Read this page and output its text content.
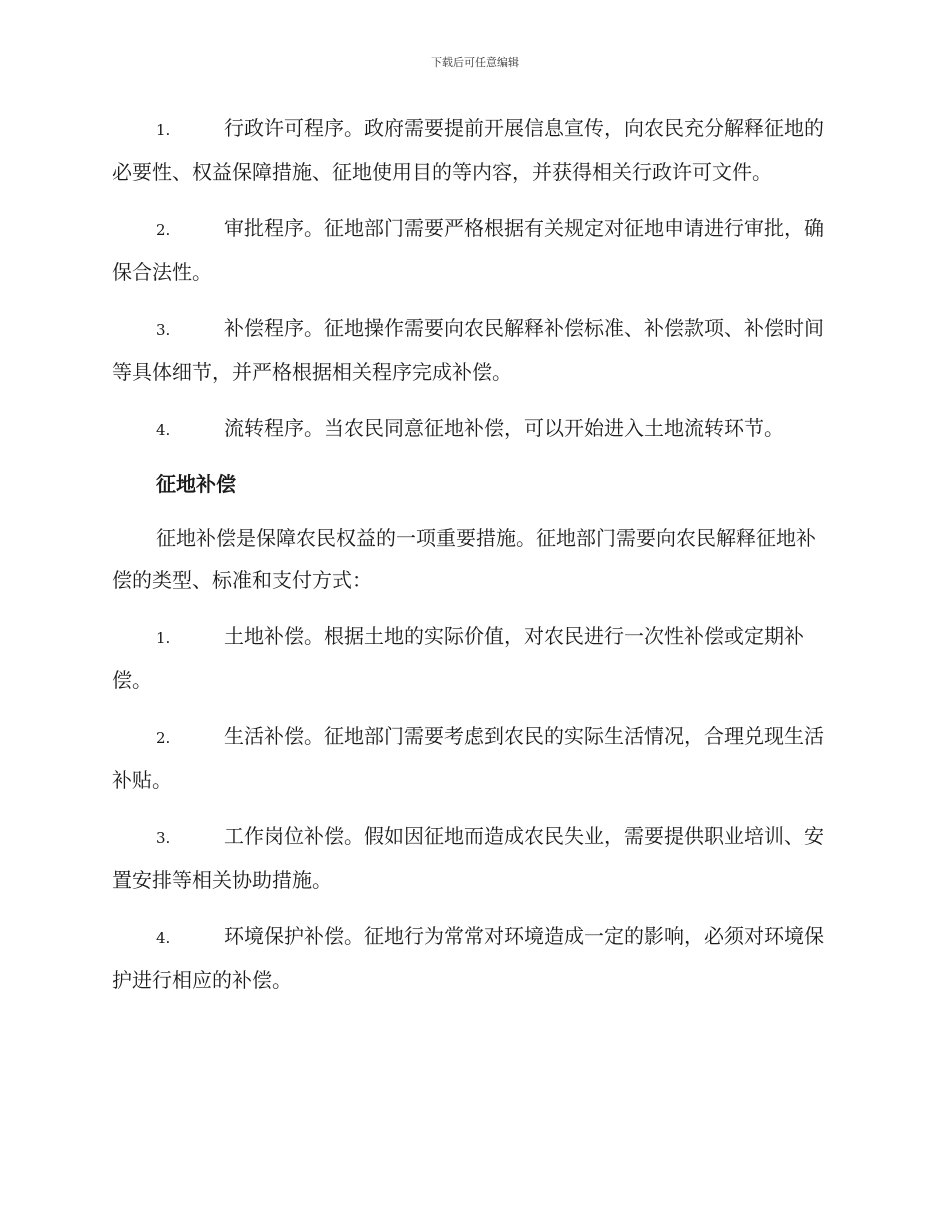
下载后可任意编辑
1.	行政许可程序。政府需要提前开展信息宣传，向农民充分解释征地的必要性、权益保障措施、征地使用目的等内容，并获得相关行政许可文件。
2.	审批程序。征地部门需要严格根据有关规定对征地申请进行审批，确保合法性。
3.	补偿程序。征地操作需要向农民解释补偿标准、补偿款项、补偿时间等具体细节，并严格根据相关程序完成补偿。
4.	流转程序。当农民同意征地补偿，可以开始进入土地流转环节。
征地补偿
征地补偿是保障农民权益的一项重要措施。征地部门需要向农民解释征地补偿的类型、标准和支付方式：
1.	土地补偿。根据土地的实际价值，对农民进行一次性补偿或定期补偿。
2.	生活补偿。征地部门需要考虑到农民的实际生活情况，合理兑现生活补贴。
3.	工作岗位补偿。假如因征地而造成农民失业，需要提供职业培训、安置安排等相关协助措施。
4.	环境保护补偿。征地行为常常对环境造成一定的影响，必须对环境保护进行相应的补偿。
